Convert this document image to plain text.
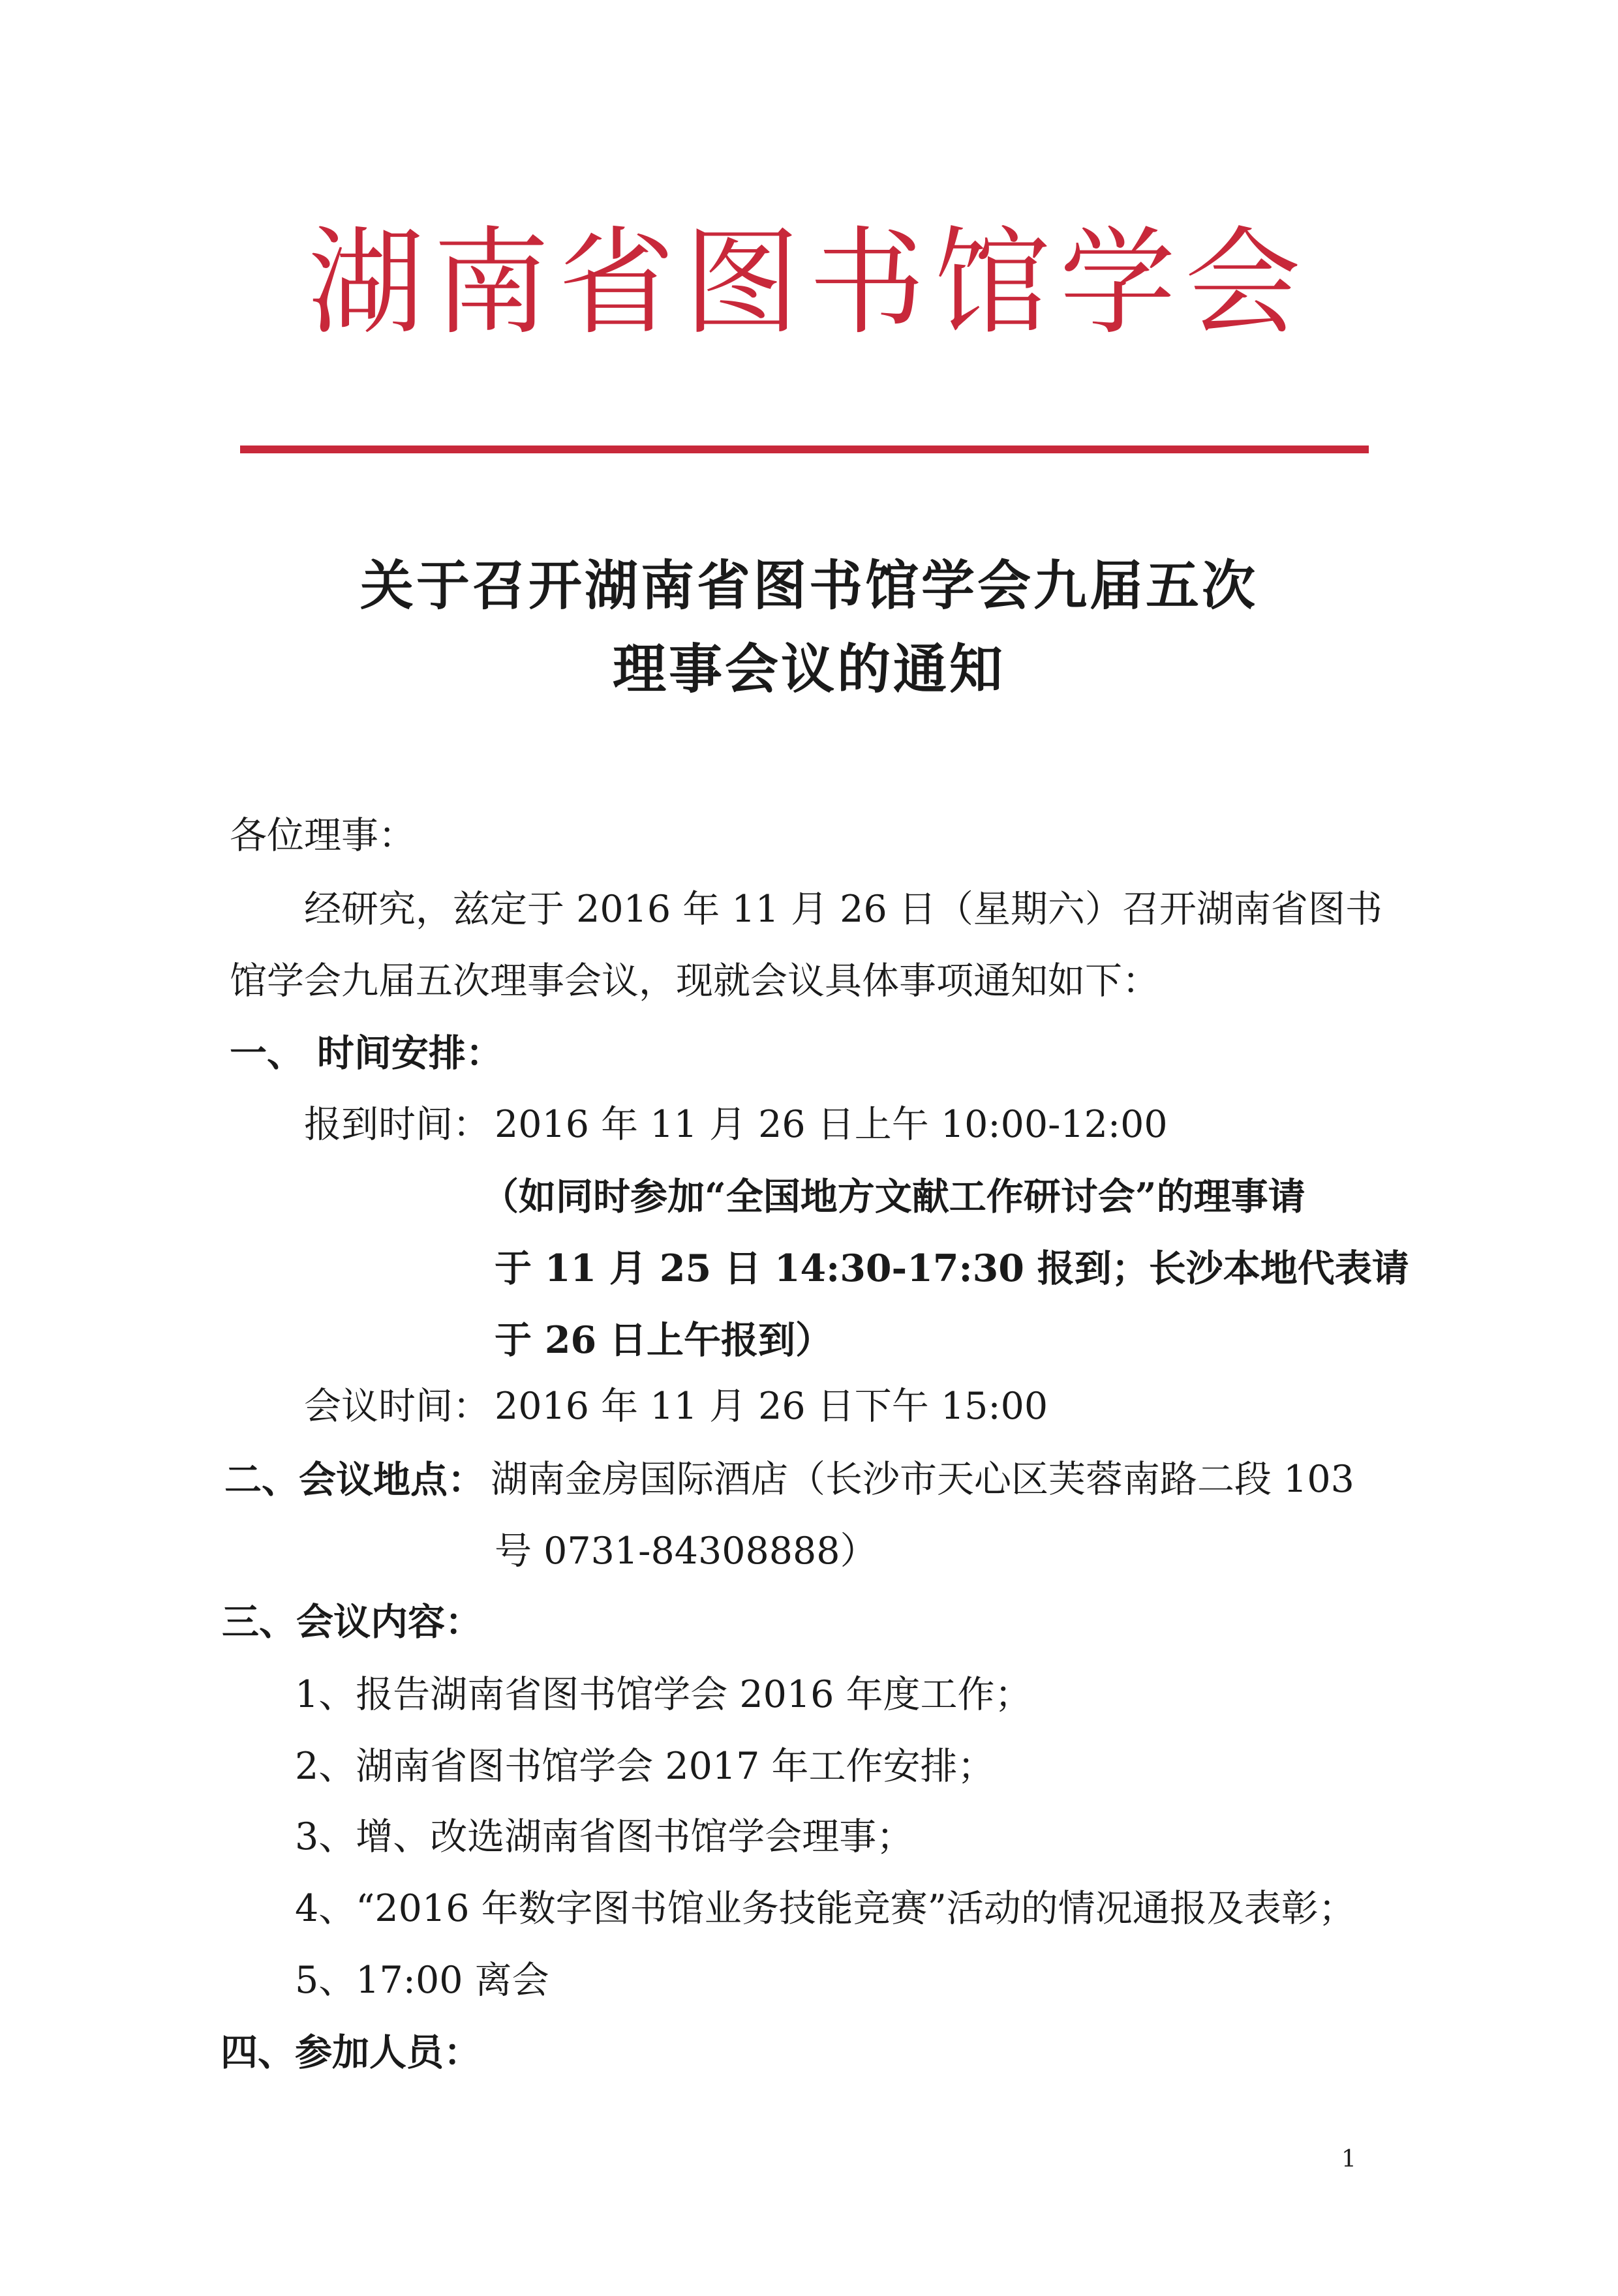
湖南省图书馆学会
关于召开湖南省图书馆学会九届五次
理事会议的通知
各位理事：
经研究，兹定于 2016 年 11 月 26 日（星期六）召开湖南省图书
馆学会九届五次理事会议，现就会议具体事项通知如下：
一、 时间安排：
报到时间： 2016 年 11 月 26 日上午 10:00-12:00
（如同时参加“全国地方文献工作研讨会”的理事请
于 11 月 25 日 14:30-17:30 报到；长沙本地代表请
于 26 日上午报到）
会议时间： 2016 年 11 月 26 日下午 15:00
二、会议地点： 湖南金房国际酒店（长沙市天心区芙蓉南路二段 103
号 0731-84308888）
三、会议内容：
1、报告湖南省图书馆学会 2016 年度工作；
2、湖南省图书馆学会 2017 年工作安排；
3、增、改选湖南省图书馆学会理事；
4、“2016 年数字图书馆业务技能竞赛”活动的情况通报及表彰；
5、17:00 离会
四、参加人员：
1
